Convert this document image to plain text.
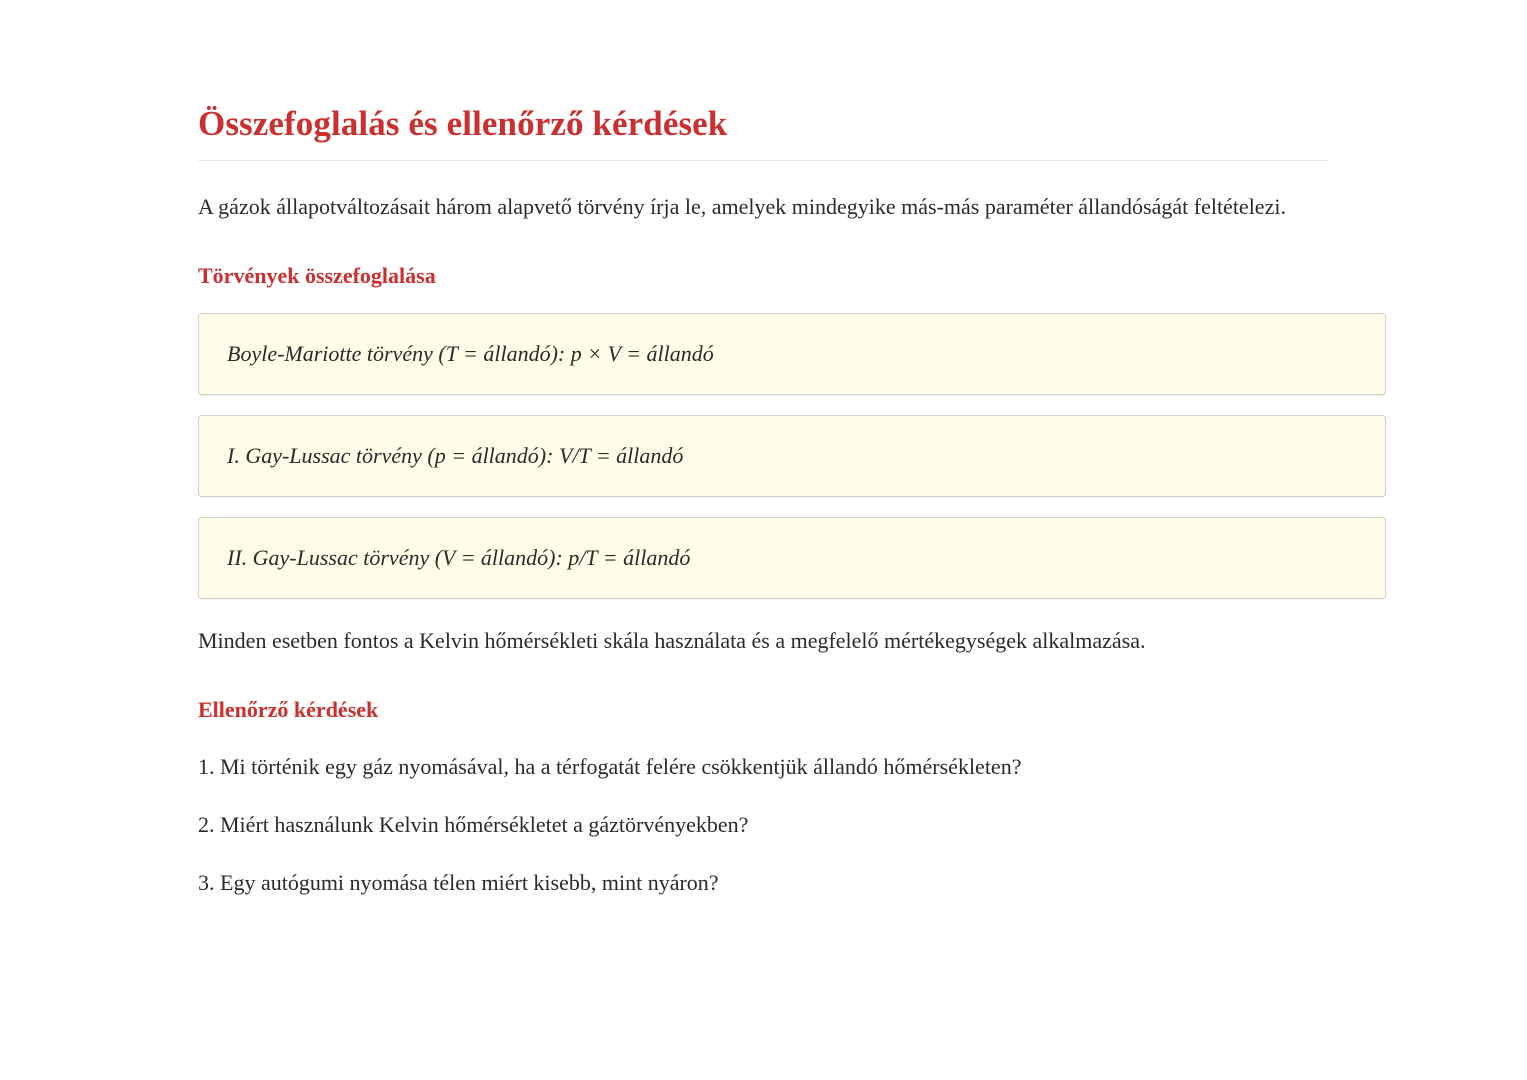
Összefoglalás és ellenőrző kérdések

A gázok állapotváltozásait három alapvető törvény írja le, amelyek mindegyike más-más paraméter állandóságát feltételezi.

Törvények összefoglalása
Boyle-Mariotte törvény (T = állandó): p × V = állandó
I. Gay-Lussac törvény (p = állandó): V/T = állandó
II. Gay-Lussac törvény (V = állandó): p/T = állandó

Minden esetben fontos a Kelvin hőmérsékleti skála használata és a megfelelő mértékegységek alkalmazása.

Ellenőrző kérdések

1. Mi történik egy gáz nyomásával, ha a térfogatát felére csökkentjük állandó hőmérsékleten?

2. Miért használunk Kelvin hőmérsékletet a gáztörvényekben?

3. Egy autógumi nyomása télen miért kisebb, mint nyáron?
